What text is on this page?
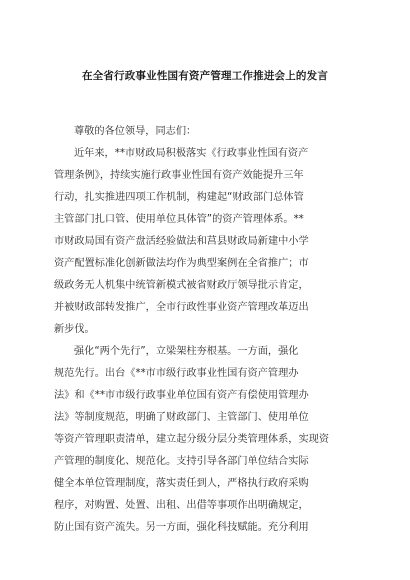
在全省行政事业性国有资产管理工作推进会上的发言
尊敬的各位领导，同志们：
近年来，**市财政局积极落实《行政事业性国有资产
管理条例》，持续实施行政事业性国有资产效能提升三年
行动，扎实推进四项工作机制，构建起“财政部门总体管
主管部门扎口管、使用单位具体管”的资产管理体系。**
市财政局国有资产盘活经验做法和莒县财政局新建中小学
资产配置标准化创新做法均作为典型案例在全省推广；市
级政务无人机集中统管新模式被省财政厅领导批示肯定，
并被财政部转发推广，全市行政性事业资产管理改革迈出
新步伐。
强化“两个先行”，立梁架柱夯根基。一方面，强化
规范先行。出台《**市市级行政事业性国有资产管理办
法》和《**市市级行政事业单位国有资产有偿使用管理办
法》等制度规范，明确了财政部门、主管部门、使用单位
等资产管理职责清单，建立起分级分层分类管理体系，实现资
产管理的制度化、规范化。支持引导各部门单位结合实际
健全本单位管理制度，落实责任到人，严格执行政府采购
程序，对购置、处置、出租、出借等事项作出明确规定，
防止国有资产流失。另一方面，强化科技赋能。充分利用
